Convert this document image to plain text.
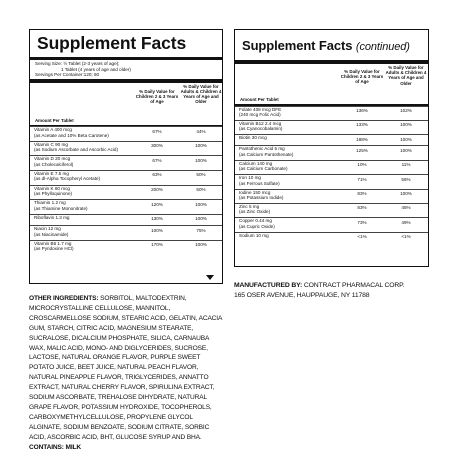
Supplement Facts
Serving Size: ½ Tablet (2-3 years of age);
1 Tablet (4 years of age and older)
Servings Per Container:120; 60
Amount Per Tablet
% Daily Value for Children 2 & 3 Years of Age
% Daily Value for Adults & Children 4 Years of Age and Older
Vitamin A 400 mcg
(as Acetate and 10% Beta Carotene)
67%	44%
Vitamin C 90 mg
(as Sodium Ascorbate and Ascorbic Acid)
300%	100%
Vitamin D 20 mcg
(as Cholecalciferol)
67%	100%
Vitamin E 7.5 mg
(as dl-Alpha Tocopheryl Acetate)
63%	50%
Vitamin K 60 mcg
(as Phylloquinone)
200%	50%
Thiamin 1.2 mg
(as Thiamine Mononitrate)
120%	100%
Riboflavin 1.3 mg	130%	100%
Niacin 12 mg
(as Niacinamide)
100%	75%
Vitamin B6 1.7 mg
(as Pyridoxine HCl)
170%	100%
Supplement Facts (continued)
Amount Per Tablet
% Daily Value for Children 2 & 3 Years of Age
% Daily Value for Adults & Children 4 Years of Age and Older
Folate 408 mcg DFE
(240 mcg Folic Acid)
136%	102%
Vitamin B12 2.4 mcg
(as Cyanocobalamin)
133%	100%
Biotin 30 mcg	188%	100%
Pantothenic Acid 5 mg
(as Calcium Pantothenate)
125%	100%
Calcium 140 mg
(as Calcium Carbonate)
10%	11%
Iron 10 mg
(as Ferrous Sulfate)
71%	56%
Iodine 150 mcg
(as Potassium Iodide)
83%	100%
Zinc 5 mg
(as Zinc Oxide)
83%	45%
Copper 0.44 mg
(as Cupric Oxide)
73%	49%
Sodium 10 mg	<1%	<1%
OTHER INGREDIENTS: SORBITOL, MALTODEXTRIN, MICROCRYSTALLINE CELLULOSE, MANNITOL, CROSCARMELLOSE SODIUM, STEARIC ACID, GELATIN, ACACIA GUM, STARCH, CITRIC ACID, MAGNESIUM STEARATE, SUCRALOSE, DICALCIUM PHOSPHATE, SILICA, CARNAUBA WAX, MALIC ACID, MONO- AND DIGLYCERIDES, SUCROSE, LACTOSE, NATURAL ORANGE FLAVOR, PURPLE SWEET POTATO JUICE, BEET JUICE, NATURAL PEACH FLAVOR, NATURAL PINEAPPLE FLAVOR, TRIGLYCERIDES, ANNATTO EXTRACT, NATURAL CHERRY FLAVOR, SPIRULINA EXTRACT, SODIUM ASCORBATE, TREHALOSE DIHYDRATE, NATURAL GRAPE FLAVOR, POTASSIUM HYDROXIDE, TOCOPHEROLS, CARBOXYMETHYLCELLULOSE, PROPYLENE GLYCOL ALGINATE, SODIUM BENZOATE, SODIUM CITRATE, SORBIC ACID, ASCORBIC ACID, BHT, GLUCOSE SYRUP AND BHA. CONTAINS: MILK
MANUFACTURED BY: CONTRACT PHARMACAL CORP.
165 OSER AVENUE, HAUPPAUGE, NY 11788
